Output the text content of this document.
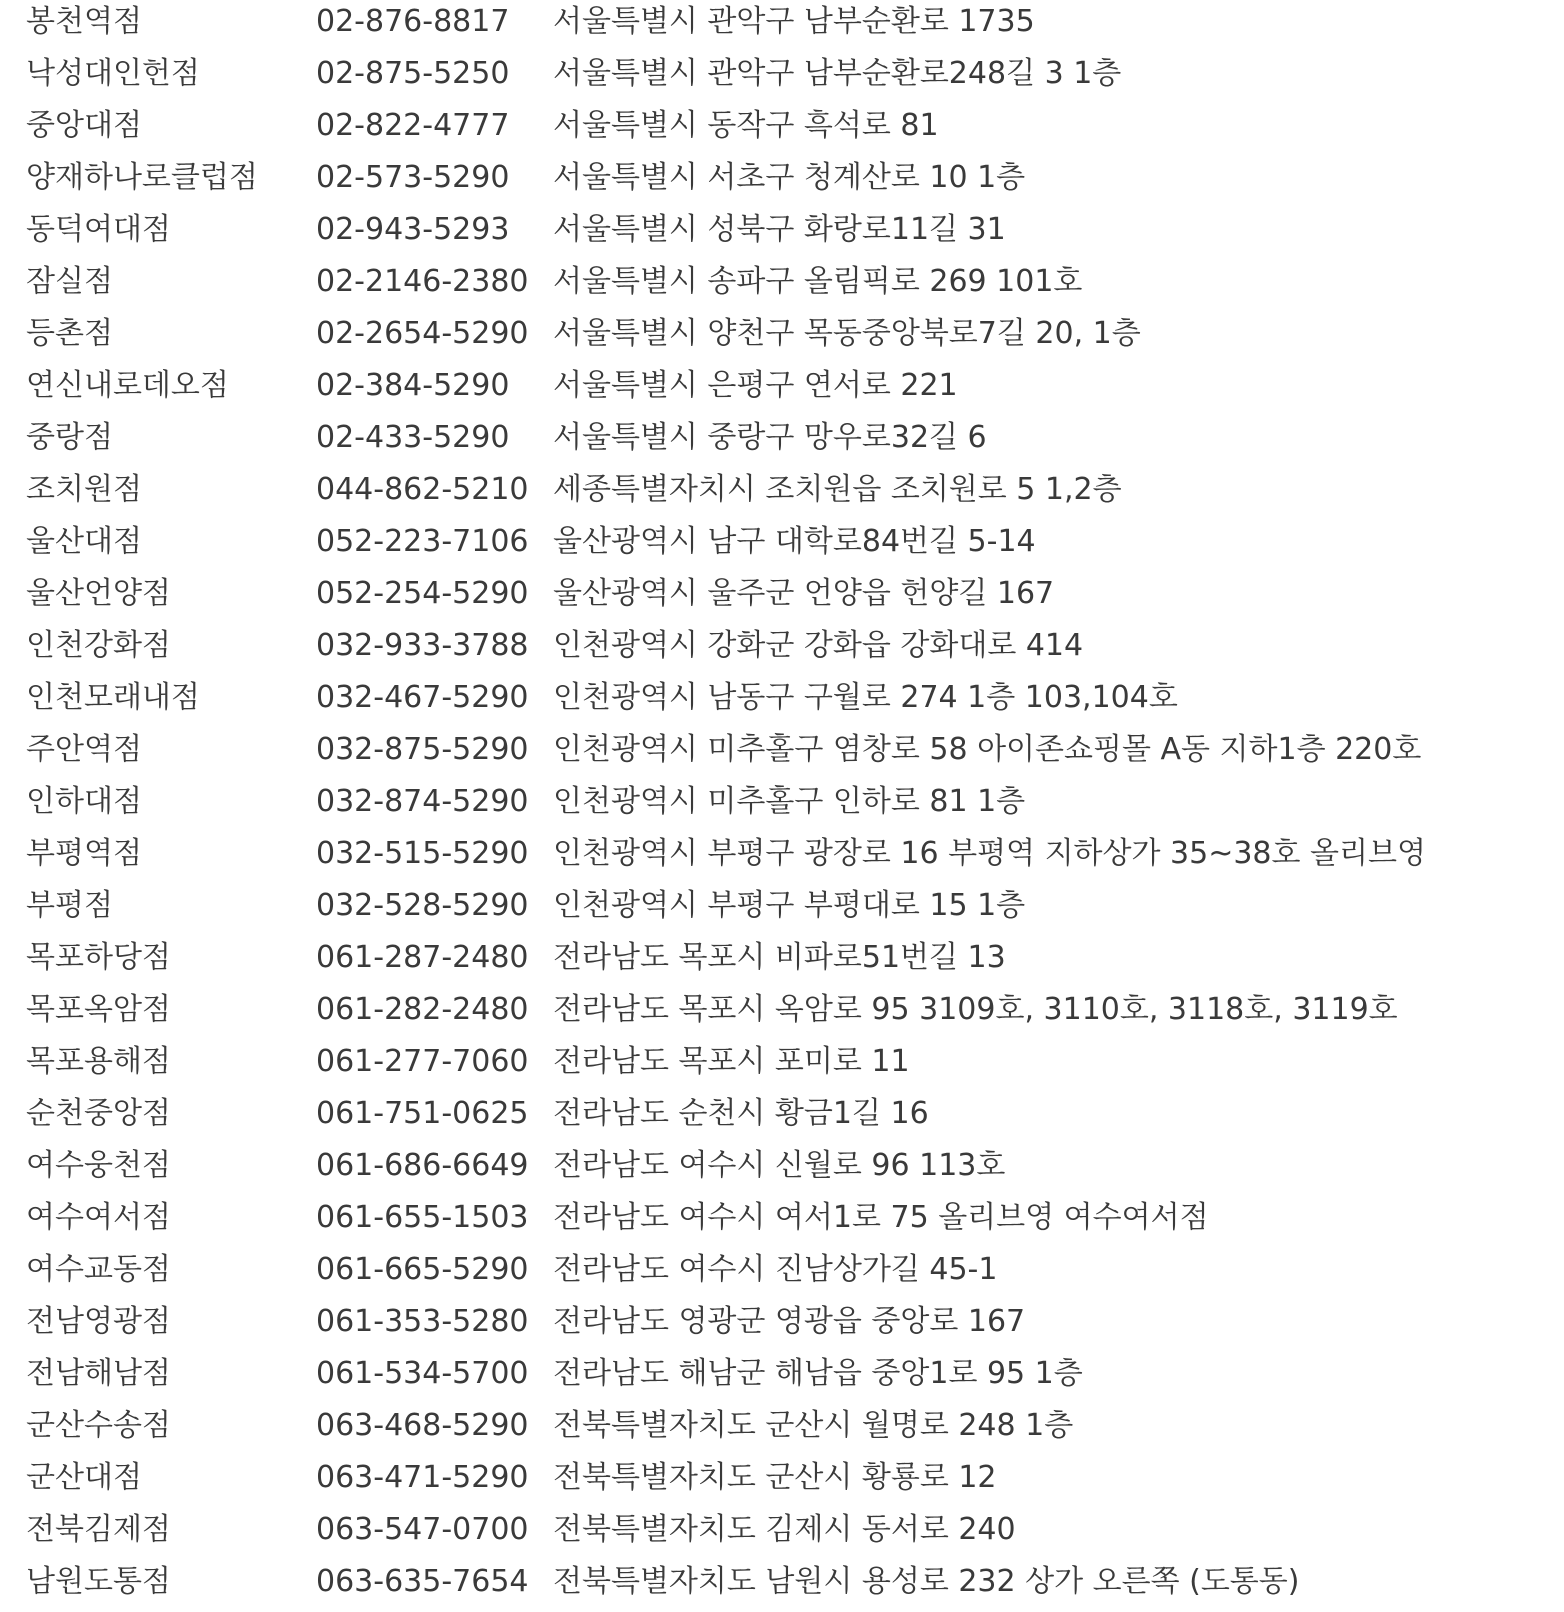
봉천역점	02-876-8817 서울특별시 관악구 남부순환로 1735
낙성대인헌점	02-875-5250 서울특별시 관악구 남부순환로248길 3 1층
중앙대점	02-822-4777 서울특별시 동작구 흑석로 81
양재하나로클럽점 02-573-5290 서울특별시 서초구 청계산로 10 1층
동덕여대점	02-943-5293 서울특별시 성북구 화랑로11길 31
잠실점	02-2146-2380 서울특별시 송파구 올림픽로 269 101호
등촌점	02-2654-5290 서울특별시 양천구 목동중앙북로7길 20, 1층
연신내로데오점	02-384-5290 서울특별시 은평구 연서로 221
중랑점	02-433-5290 서울특별시 중랑구 망우로32길 6
조치원점	044-862-5210 세종특별자치시 조치원읍 조치원로 5 1,2층
울산대점	052-223-7106 울산광역시 남구 대학로84번길 5-14
울산언양점	052-254-5290 울산광역시 울주군 언양읍 헌양길 167
인천강화점	032-933-3788 인천광역시 강화군 강화읍 강화대로 414
인천모래내점	032-467-5290 인천광역시 남동구 구월로 274 1층 103,104호
주안역점	032-875-5290 인천광역시 미추홀구 염창로 58 아이존쇼핑몰 A동 지하1층 220호
인하대점	032-874-5290 인천광역시 미추홀구 인하로 81 1층
부평역점	032-515-5290 인천광역시 부평구 광장로 16 부평역 지하상가 35~38호 올리브영
부평점	032-528-5290 인천광역시 부평구 부평대로 15 1층
목포하당점	061-287-2480 전라남도 목포시 비파로51번길 13
목포옥암점	061-282-2480 전라남도 목포시 옥암로 95 3109호, 3110호, 3118호, 3119호
목포용해점	061-277-7060 전라남도 목포시 포미로 11
순천중앙점	061-751-0625 전라남도 순천시 황금1길 16
여수웅천점	061-686-6649 전라남도 여수시 신월로 96 113호
여수여서점	061-655-1503 전라남도 여수시 여서1로 75 올리브영 여수여서점
여수교동점	061-665-5290 전라남도 여수시 진남상가길 45-1
전남영광점	061-353-5280 전라남도 영광군 영광읍 중앙로 167
전남해남점	061-534-5700 전라남도 해남군 해남읍 중앙1로 95 1층
군산수송점	063-468-5290 전북특별자치도 군산시 월명로 248 1층
군산대점	063-471-5290 전북특별자치도 군산시 황룡로 12
전북김제점	063-547-0700 전북특별자치도 김제시 동서로 240
남원도통점	063-635-7654 전북특별자치도 남원시 용성로 232 상가 오른쪽 (도통동)
